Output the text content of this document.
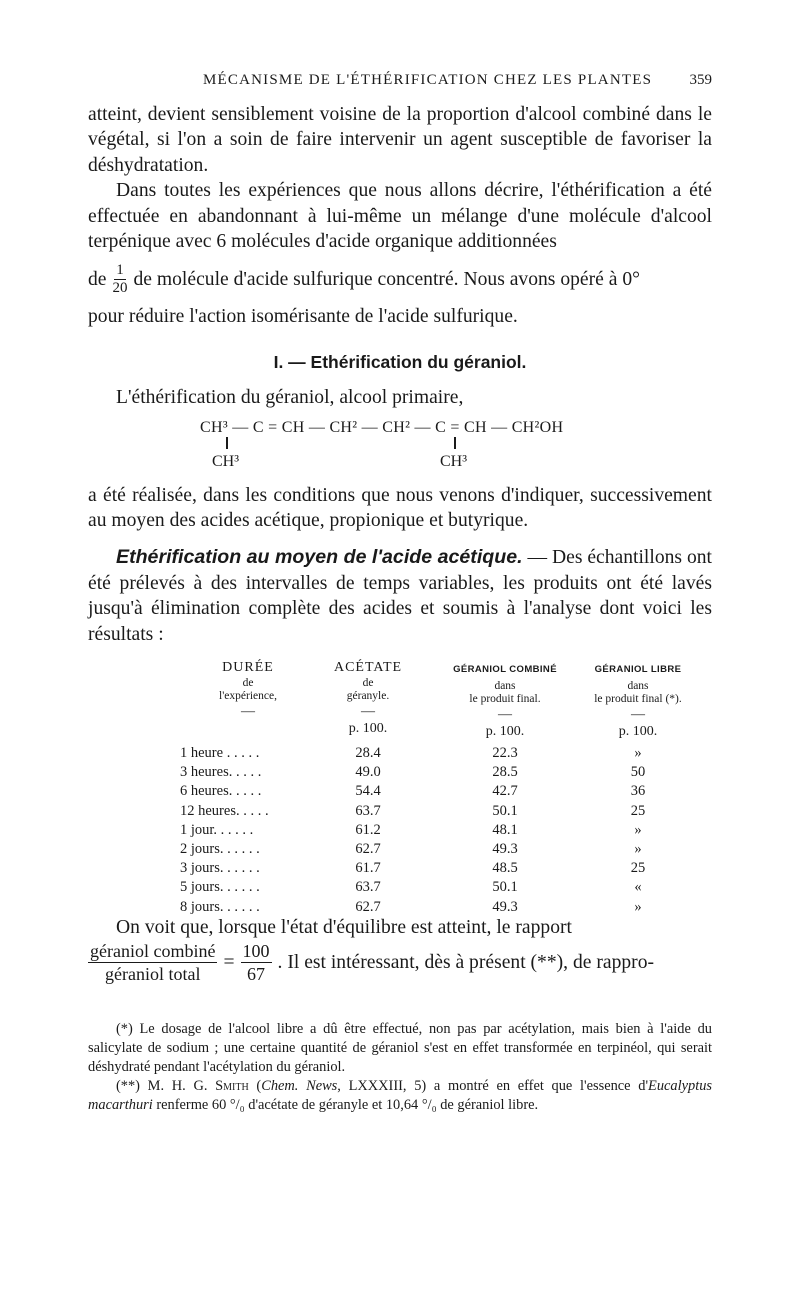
MÉCANISME DE L'ÉTHÉRIFICATION CHEZ LES PLANTES 359

atteint, devient sensiblement voisine de la proportion d'alcool combiné dans le végétal, si l'on a soin de faire intervenir un agent susceptible de favoriser la déshydratation.

Dans toutes les expériences que nous allons décrire, l'éthérification a été effectuée en abandonnant à lui-même un mélange d'une molécule d'alcool terpénique avec 6 molécules d'acide organique additionnées

de $\frac{1}{20}$ de molécule d'acide sulfurique concentré. Nous avons opéré à 0°

pour réduire l'action isomérisante de l'acide sulfurique.

I. — Ethérification du géraniol.

L'éthérification du géraniol, alcool primaire,

CH³ — C = CH — CH² — CH² — C = CH — CH²OH
CH³	CH³

a été réalisée, dans les conditions que nous venons d'indiquer, successivement au moyen des acides acétique, propionique et butyrique.

Ethérification au moyen de l'acide acétique. — Des échantillons ont été prélevés à des intervalles de temps variables, les produits ont été lavés jusqu'à élimination complète des acides et soumis à l'analyse dont voici les résultats :

DURÉE
de
l'expérience,
—
ACÉTATE
de
géranyle.
—
p. 100.
GÉRANIOL COMBINÉ
dans
le produit final.
—
p. 100.
GÉRANIOL LIBRE
dans
le produit final (*).
—
p. 100.
1 heure . . . . .	28.4	22.3	»
3 heures. . . . .	49.0	28.5	50
6 heures. . . . .	54.4	42.7	36
12 heures. . . . .	63.7	50.1	25
1 jour. . . . . .	61.2	48.1	»
2 jours. . . . . .	62.7	49.3	»
3 jours. . . . . .	61.7	48.5	25
5 jours. . . . . .	63.7	50.1	«
8 jours. . . . . .	62.7	49.3	»

On voit que, lorsque l'état d'équilibre est atteint, le rapport

$\frac{\text{géraniol combiné}}{\text{géraniol total}} = \frac{100}{67}$ . Il est intéressant, dès à présent (**), de rappro-

(*) Le dosage de l'alcool libre a dû être effectué, non pas par acétylation, mais bien à l'aide du salicylate de sodium ; une certaine quantité de géraniol s'est en effet transformée en terpinéol, qui serait déshydraté pendant l'acétylation du géraniol.

(**) M. H. G. Smith (Chem. News, LXXXIII, 5) a montré en effet que l'essence d'Eucalyptus macarthuri renferme 60 °/₀ d'acétate de géranyle et 10,64 °/₀ de géraniol libre.
